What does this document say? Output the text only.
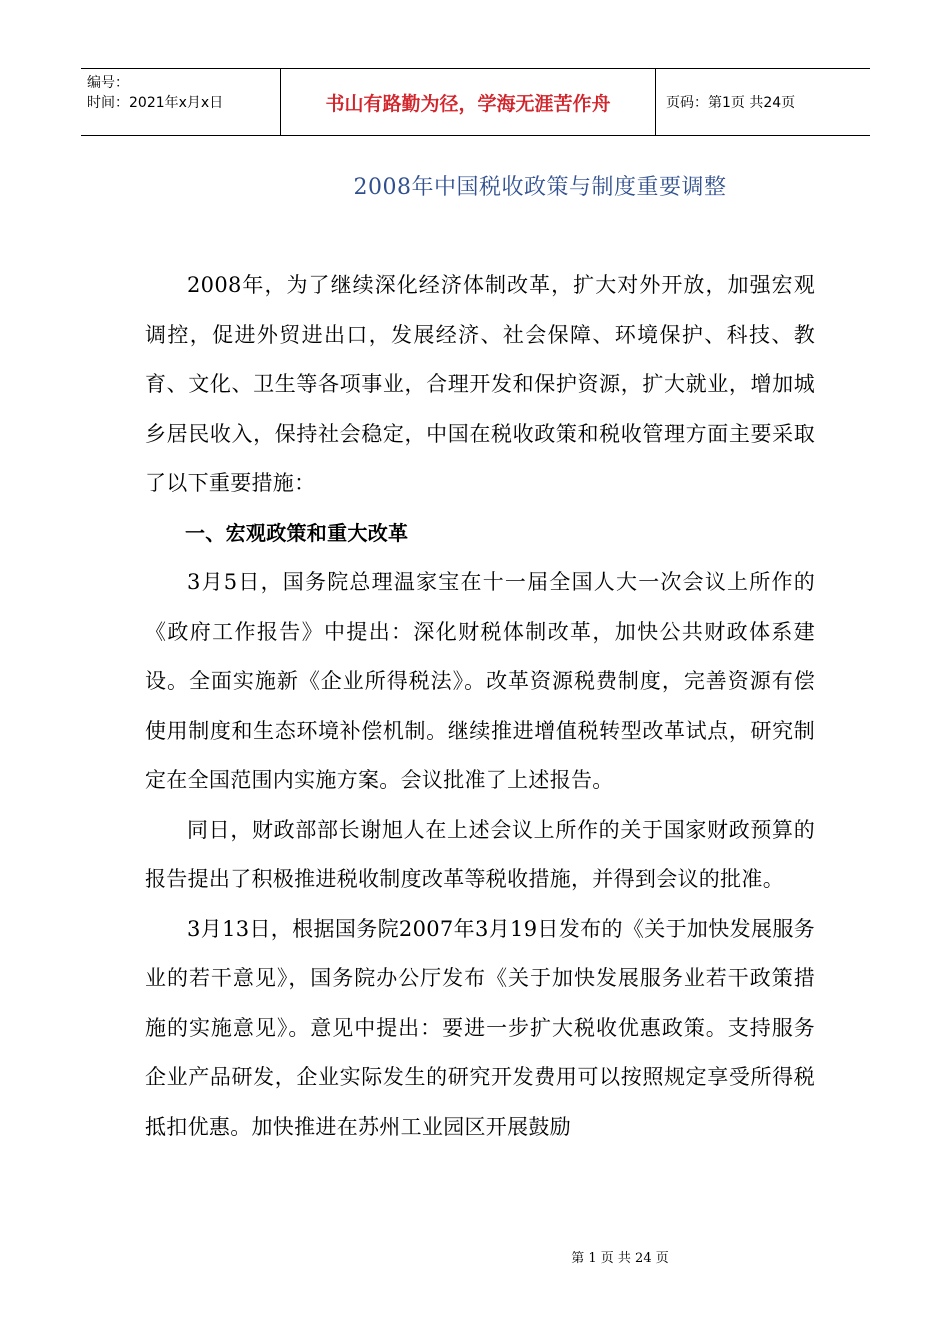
编号：
时间：2021年x月x日	书山有路勤为径，学海无涯苦作舟	页码：第1页 共24页
2008年中国税收政策与制度重要调整

2008年，为了继续深化经济体制改革，扩大对外开放，加强宏观调控，促进外贸进出口，发展经济、社会保障、环境保护、科技、教育、文化、卫生等各项事业，合理开发和保护资源，扩大就业，增加城乡居民收入，保持社会稳定，中国在税收政策和税收管理方面主要采取了以下重要措施：

一、宏观政策和重大改革

3月5日，国务院总理温家宝在十一届全国人大一次会议上所作的《政府工作报告》中提出：深化财税体制改革，加快公共财政体系建设。全面实施新《企业所得税法》。改革资源税费制度，完善资源有偿使用制度和生态环境补偿机制。继续推进增值税转型改革试点，研究制定在全国范围内实施方案。会议批准了上述报告。

同日，财政部部长谢旭人在上述会议上所作的关于国家财政预算的报告提出了积极推进税收制度改革等税收措施，并得到会议的批准。

3月13日，根据国务院2007年3月19日发布的《关于加快发展服务业的若干意见》，国务院办公厅发布《关于加快发展服务业若干政策措施的实施意见》。意见中提出：要进一步扩大税收优惠政策。支持服务企业产品研发，企业实际发生的研究开发费用可以按照规定享受所得税抵扣优惠。加快推进在苏州工业园区开展鼓励

第 1 页 共 24 页
